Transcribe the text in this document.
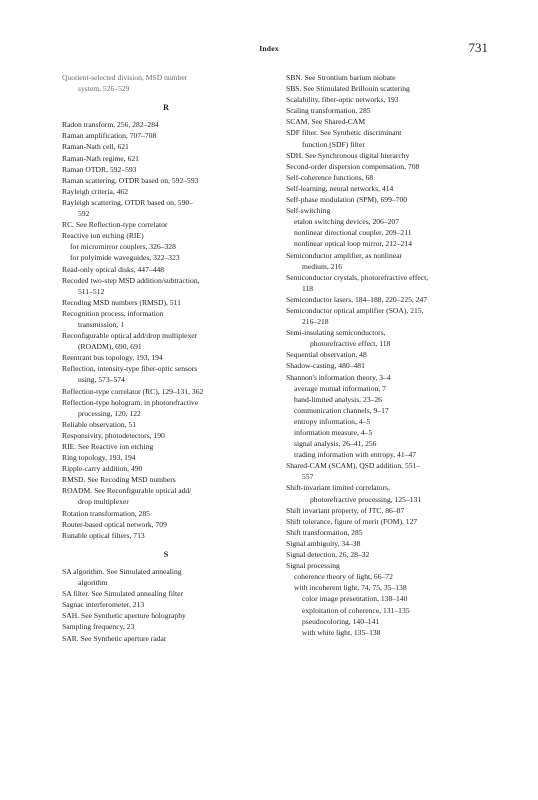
Index	731

Quotient-selected division, MSD number

system, 526–529

R

Radon transform, 256, 282–284

Raman amplification, 707–708

Raman-Nath cell, 621

Raman-Nath regime, 621

Raman OTDR, 592–593

Raman scattering, OTDR based on, 592–593

Rayleigh criteria, 462

Rayleigh scattering, OTDR based on, 590–

592

RC. See Reflection-type correlator

Reactive ion etching (RIE)

for micromirror couplers, 326–328

for polyimide waveguides, 322–323

Read-only optical disks, 447–448

Recoded two-step MSD addition/subtraction,

511–512

Recoding MSD numbers (RMSD), 511

Recognition process, information

transmission, 1

Reconfigurable optical add/drop multiplexer

(ROADM), 690, 691

Reentrant bus topology, 193, 194

Reflection, intensity-type fiber-optic sensors

using, 573–574

Reflection-type correlator (RC), 129–131, 362

Reflection-type hologram, in photorefractive

processing, 120, 122

Reliable observation, 51

Responsivity, photodetectors, 190

RIE. See Reactive ion etching

Ring topology, 193, 194

Ripple-carry addition, 490

RMSD. See Recoding MSD numbers

ROADM. See Reconfigurable optical add/

drop multiplexer

Rotation transformation, 285

Router-based optical network, 709

Runable optical filters, 713

S

SA algorithm. See Simulated annealing

algorithm

SA filter. See Simulated annealing filter

Sagnac interferometer, 213

SAH. See Synthetic aperture holography

Sampling frequency, 23

SAR. See Synthetic aperture radar

SBN. See Strontium barium niobate

SBS. See Stimulated Brillouin scattering

Scalability, fiber-optic networks, 193

Scaling transformation, 285

SCAM. See Shared-CAM

SDF filter. See Synthetic discriminant

function (SDF) filter

SDH. See Synchronous digital hierarchy

Second-order dispersion compensation, 708

Self-coherence functions, 68

Self-learning, neural networks, 414

Self-phase modulation (SPM), 699–700

Self-switching

etalon switching devices, 206–207

nonlinear directional coupler, 209–211

nonlinear optical loop mirror, 212–214

Semiconductor amplifier, as nonlinear

medium, 216

Semiconductor crystals, photorefractive effect,

118

Semiconductor lasers, 184–188, 220–225, 247

Semiconductor optical amplifier (SOA), 215,

216–218

Semi-insulating semiconductors,

photorefractive effect, 118

Sequential observation, 48

Shadow-casting, 480–481

Shannon's information theory, 3–4

average mutual information, 7

band-limited analysis, 23–26

communication channels, 9–17

entropy information, 4–5

information measure, 4–5

signal analysis, 26–41, 256

trading information with entropy, 41–47

Shared-CAM (SCAM), QSD addition, 551–

557

Shift-invariant limited correlators,

photorefractive processing, 125–131

Shift invariant property, of JTC, 86–87

Shift tolerance, figure of merit (FOM), 127

Shift transformation, 285

Signal ambiguity, 34–38

Signal detection, 26, 28–32

Signal processing

coherence theory of light, 66–72

with incoherent light, 74, 75, 35–138

color image presentation, 138–140

exploitation of coherence, 131–135

pseudocoloring, 140–141

with white light, 135–138
